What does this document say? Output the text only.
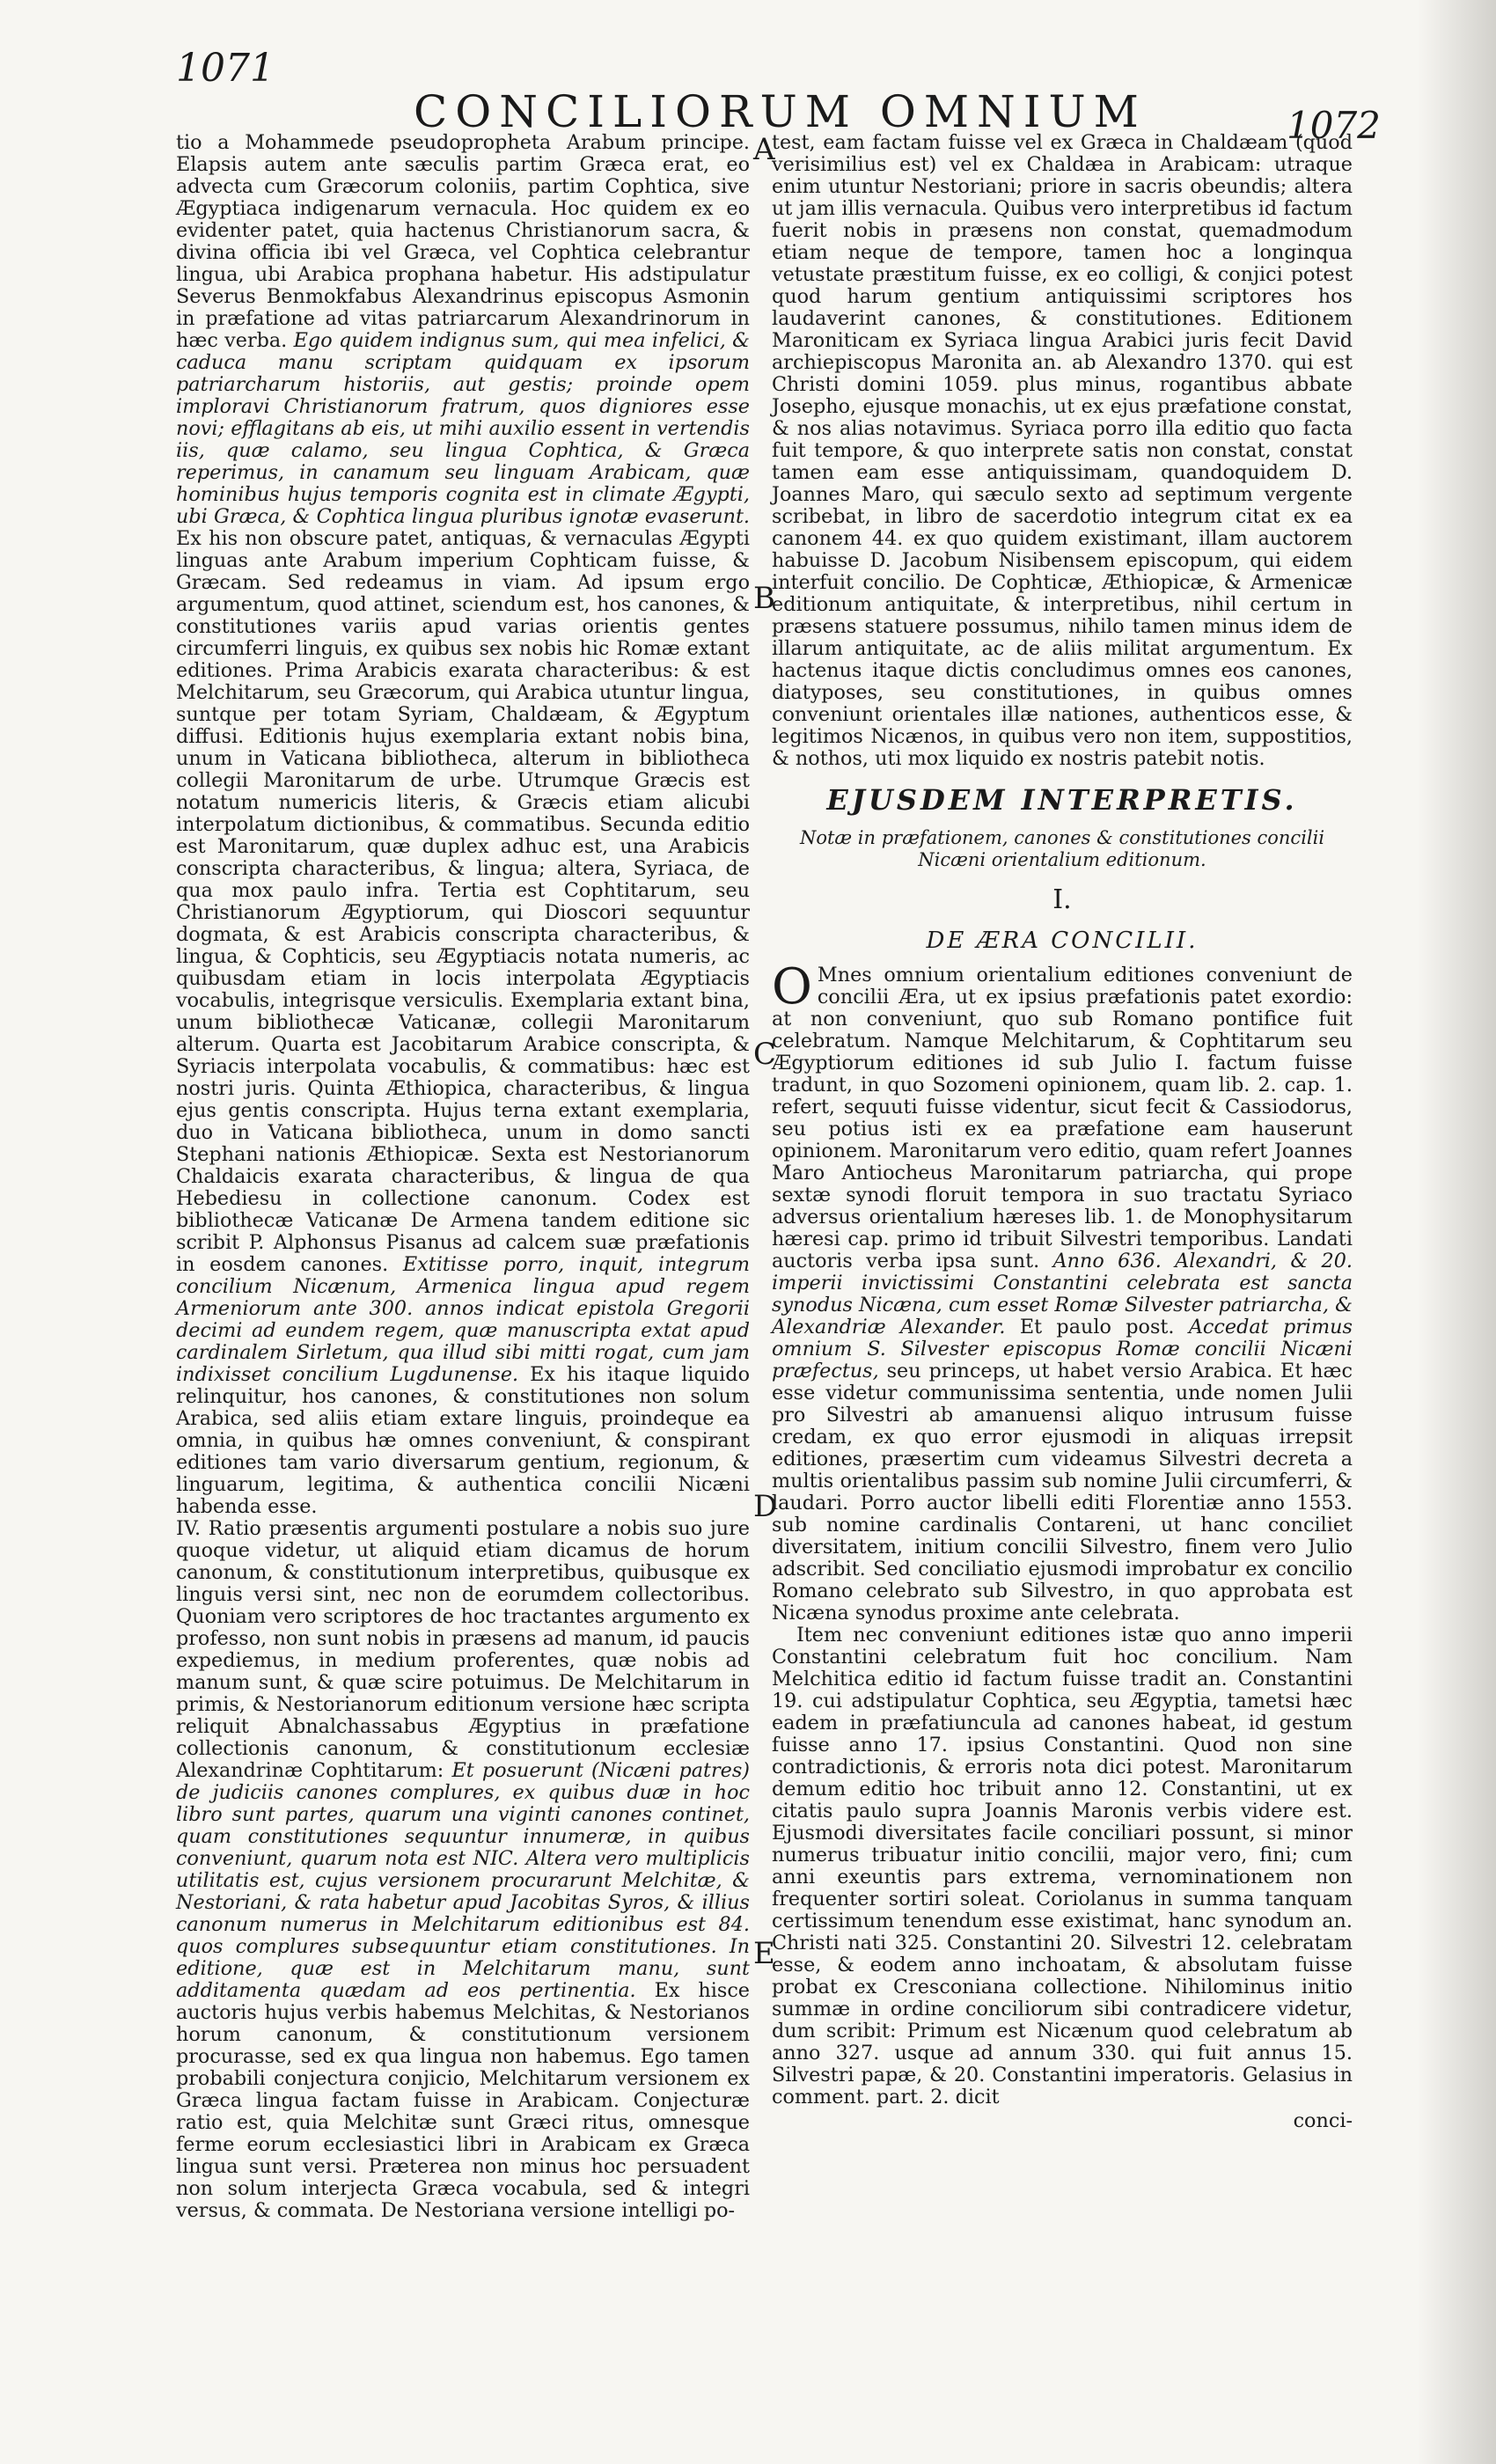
1071
CONCILIORUM OMNIUM	1072
A
B
C
D
E

tio a Mohammede pseudopropheta Arabum principe. Elapsis autem ante sæculis partim Græca erat, eo advecta cum Græcorum coloniis, partim Cophtica, sive Ægyptiaca indigenarum vernacula. Hoc quidem ex eo evidenter patet, quia hactenus Christianorum sacra, & divina officia ibi vel Græca, vel Cophtica celebrantur lingua, ubi Arabica prophana habetur. His adstipulatur Severus Benmokfabus Alexandrinus episcopus Asmonin in præfatione ad vitas patriarcarum Alexandrinorum in hæc verba. Ego quidem indignus sum, qui mea infelici, & caduca manu scriptam quidquam ex ipsorum patriarcharum historiis, aut gestis; proinde opem imploravi Christianorum fratrum, quos digniores esse novi; efflagitans ab eis, ut mihi auxilio essent in vertendis iis, quæ calamo, seu lingua Cophtica, & Græca reperimus, in canamum seu linguam Arabicam, quæ hominibus hujus temporis cognita est in climate Ægypti, ubi Græca, & Cophtica lingua pluribus ignotæ evaserunt. Ex his non obscure patet, antiquas, & vernaculas Ægypti linguas ante Arabum imperium Cophticam fuisse, & Græcam. Sed redeamus in viam. Ad ipsum ergo argumentum, quod attinet, sciendum est, hos canones, & constitutiones variis apud varias orientis gentes circumferri linguis, ex quibus sex nobis hic Romæ extant editiones. Prima Arabicis exarata characteribus: & est Melchitarum, seu Græcorum, qui Arabica utuntur lingua, suntque per totam Syriam, Chaldæam, & Ægyptum diffusi. Editionis hujus exemplaria extant nobis bina, unum in Vaticana bibliotheca, alterum in bibliotheca collegii Maronitarum de urbe. Utrumque Græcis est notatum numericis literis, & Græcis etiam alicubi interpolatum dictionibus, & commatibus. Secunda editio est Maronitarum, quæ duplex adhuc est, una Arabicis conscripta characteribus, & lingua; altera, Syriaca, de qua mox paulo infra. Tertia est Cophtitarum, seu Christianorum Ægyptiorum, qui Dioscori sequuntur dogmata, & est Arabicis conscripta characteribus, & lingua, & Cophticis, seu Ægyptiacis notata numeris, ac quibusdam etiam in locis interpolata Ægyptiacis vocabulis, integrisque versiculis. Exemplaria extant bina, unum bibliothecæ Vaticanæ, collegii Maronitarum alterum. Quarta est Jacobitarum Arabice conscripta, & Syriacis interpolata vocabulis, & commatibus: hæc est nostri juris. Quinta Æthiopica, characteribus, & lingua ejus gentis conscripta. Hujus terna extant exemplaria, duo in Vaticana bibliotheca, unum in domo sancti Stephani nationis Æthiopicæ. Sexta est Nestorianorum Chaldaicis exarata characteribus, & lingua de qua Hebediesu in collectione canonum. Codex est bibliothecæ Vaticanæ De Armena tandem editione sic scribit P. Alphonsus Pisanus ad calcem suæ præfationis in eosdem canones. Extitisse porro, inquit, integrum concilium Nicænum, Armenica lingua apud regem Armeniorum ante 300. annos indicat epistola Gregorii decimi ad eundem regem, quæ manuscripta extat apud cardinalem Sirletum, qua illud sibi mitti rogat, cum jam indixisset concilium Lugdunense. Ex his itaque liquido relinquitur, hos canones, & constitutiones non solum Arabica, sed aliis etiam extare linguis, proindeque ea omnia, in quibus hæ omnes conveniunt, & conspirant editiones tam vario diversarum gentium, regionum, & linguarum, legitima, & authentica concilii Nicæni habenda esse.

IV. Ratio præsentis argumenti postulare a nobis suo jure quoque videtur, ut aliquid etiam dicamus de horum canonum, & constitutionum interpretibus, quibusque ex linguis versi sint, nec non de eorumdem collectoribus. Quoniam vero scriptores de hoc tractantes argumento ex professo, non sunt nobis in præsens ad manum, id paucis expediemus, in medium proferentes, quæ nobis ad manum sunt, & quæ scire potuimus. De Melchitarum in primis, & Nestorianorum editionum versione hæc scripta reliquit Abnalchassabus Ægyptius in præfatione collectionis canonum, & constitutionum ecclesiæ Alexandrinæ Cophtitarum: Et posuerunt (Nicæni patres) de judiciis canones complures, ex quibus duæ in hoc libro sunt partes, quarum una viginti canones continet, quam constitutiones sequuntur innumeræ, in quibus conveniunt, quarum nota est NIC. Altera vero multiplicis utilitatis est, cujus versionem procurarunt Melchitæ, & Nestoriani, & rata habetur apud Jacobitas Syros, & illius canonum numerus in Melchitarum editionibus est 84. quos complures subsequuntur etiam constitutiones. In editione, quæ est in Melchitarum manu, sunt additamenta quædam ad eos pertinentia. Ex hisce auctoris hujus verbis habemus Melchitas, & Nestorianos horum canonum, & constitutionum versionem procurasse, sed ex qua lingua non habemus. Ego tamen probabili conjectura conjicio, Melchitarum versionem ex Græca lingua factam fuisse in Arabicam. Conjecturæ ratio est, quia Melchitæ sunt Græci ritus, omnesque ferme eorum ecclesiastici libri in Arabicam ex Græca lingua sunt versi. Præterea non minus hoc persuadent non solum interjecta Græca vocabula, sed & integri versus, & commata. De Nestoriana versione intelligi po-

test, eam factam fuisse vel ex Græca in Chaldæam (quod verisimilius est) vel ex Chaldæa in Arabicam: utraque enim utuntur Nestoriani; priore in sacris obeundis; altera ut jam illis vernacula. Quibus vero interpretibus id factum fuerit nobis in præsens non constat, quemadmodum etiam neque de tempore, tamen hoc a longinqua vetustate præstitum fuisse, ex eo colligi, & conjici potest quod harum gentium antiquissimi scriptores hos laudaverint canones, & constitutiones. Editionem Maroniticam ex Syriaca lingua Arabici juris fecit David archiepiscopus Maronita an. ab Alexandro 1370. qui est Christi domini 1059. plus minus, rogantibus abbate Josepho, ejusque monachis, ut ex ejus præfatione constat, & nos alias notavimus. Syriaca porro illa editio quo facta fuit tempore, & quo interprete satis non constat, constat tamen eam esse antiquissimam, quandoquidem D. Joannes Maro, qui sæculo sexto ad septimum vergente scribebat, in libro de sacerdotio integrum citat ex ea canonem 44. ex quo quidem existimant, illam auctorem habuisse D. Jacobum Nisibensem episcopum, qui eidem interfuit concilio. De Cophticæ, Æthiopicæ, & Armenicæ editionum antiquitate, & interpretibus, nihil certum in præsens statuere possumus, nihilo tamen minus idem de illarum antiquitate, ac de aliis militat argumentum. Ex hactenus itaque dictis concludimus omnes eos canones, diatyposes, seu constitutiones, in quibus omnes conveniunt orientales illæ nationes, authenticos esse, & legitimos Nicænos, in quibus vero non item, suppostitios, & nothos, uti mox liquido ex nostris patebit notis.

EJUSDEM INTERPRETIS.
Notæ in præfationem, canones & constitutiones concilii Nicæni orientalium editionum.
I.
DE ÆRA CONCILII.

O Mnes omnium orientalium editiones conveniunt de concilii Æra, ut ex ipsius præfationis patet exordio: at non conveniunt, quo sub Romano pontifice fuit celebratum. Namque Melchitarum, & Cophtitarum seu Ægyptiorum editiones id sub Julio I. factum fuisse tradunt, in quo Sozomeni opinionem, quam lib. 2. cap. 1. refert, sequuti fuisse videntur, sicut fecit & Cassiodorus, seu potius isti ex ea præfatione eam hauserunt opinionem. Maronitarum vero editio, quam refert Joannes Maro Antiocheus Maronitarum patriarcha, qui prope sextæ synodi floruit tempora in suo tractatu Syriaco adversus orientalium hæreses lib. 1. de Monophysitarum hæresi cap. primo id tribuit Silvestri temporibus. Landati auctoris verba ipsa sunt. Anno 636. Alexandri, & 20. imperii invictissimi Constantini celebrata est sancta synodus Nicæna, cum esset Romæ Silvester patriarcha, & Alexandriæ Alexander. Et paulo post. Accedat primus omnium S. Silvester episcopus Romæ concilii Nicæni præfectus, seu princeps, ut habet versio Arabica. Et hæc esse videtur communissima sententia, unde nomen Julii pro Silvestri ab amanuensi aliquo intrusum fuisse credam, ex quo error ejusmodi in aliquas irrepsit editiones, præsertim cum videamus Silvestri decreta a multis orientalibus passim sub nomine Julii circumferri, & laudari. Porro auctor libelli editi Florentiæ anno 1553. sub nomine cardinalis Contareni, ut hanc conciliet diversitatem, initium concilii Silvestro, finem vero Julio adscribit. Sed conciliatio ejusmodi improbatur ex concilio Romano celebrato sub Silvestro, in quo approbata est Nicæna synodus proxime ante celebrata.

Item nec conveniunt editiones istæ quo anno imperii Constantini celebratum fuit hoc concilium. Nam Melchitica editio id factum fuisse tradit an. Constantini 19. cui adstipulatur Cophtica, seu Ægyptia, tametsi hæc eadem in præfatiuncula ad canones habeat, id gestum fuisse anno 17. ipsius Constantini. Quod non sine contradictionis, & erroris nota dici potest. Maronitarum demum editio hoc tribuit anno 12. Constantini, ut ex citatis paulo supra Joannis Maronis verbis videre est. Ejusmodi diversitates facile conciliari possunt, si minor numerus tribuatur initio concilii, major vero, fini; cum anni exeuntis pars extrema, vernominationem non frequenter sortiri soleat. Coriolanus in summa tanquam certissimum tenendum esse existimat, hanc synodum an. Christi nati 325. Constantini 20. Silvestri 12. celebratam esse, & eodem anno inchoatam, & absolutam fuisse probat ex Cresconiana collectione. Nihilominus initio summæ in ordine conciliorum sibi contradicere videtur, dum scribit: Primum est Nicænum quod celebratum ab anno 327. usque ad annum 330. qui fuit annus 15. Silvestri papæ, & 20. Constantini imperatoris. Gelasius in comment. part. 2. dicit

conci-
